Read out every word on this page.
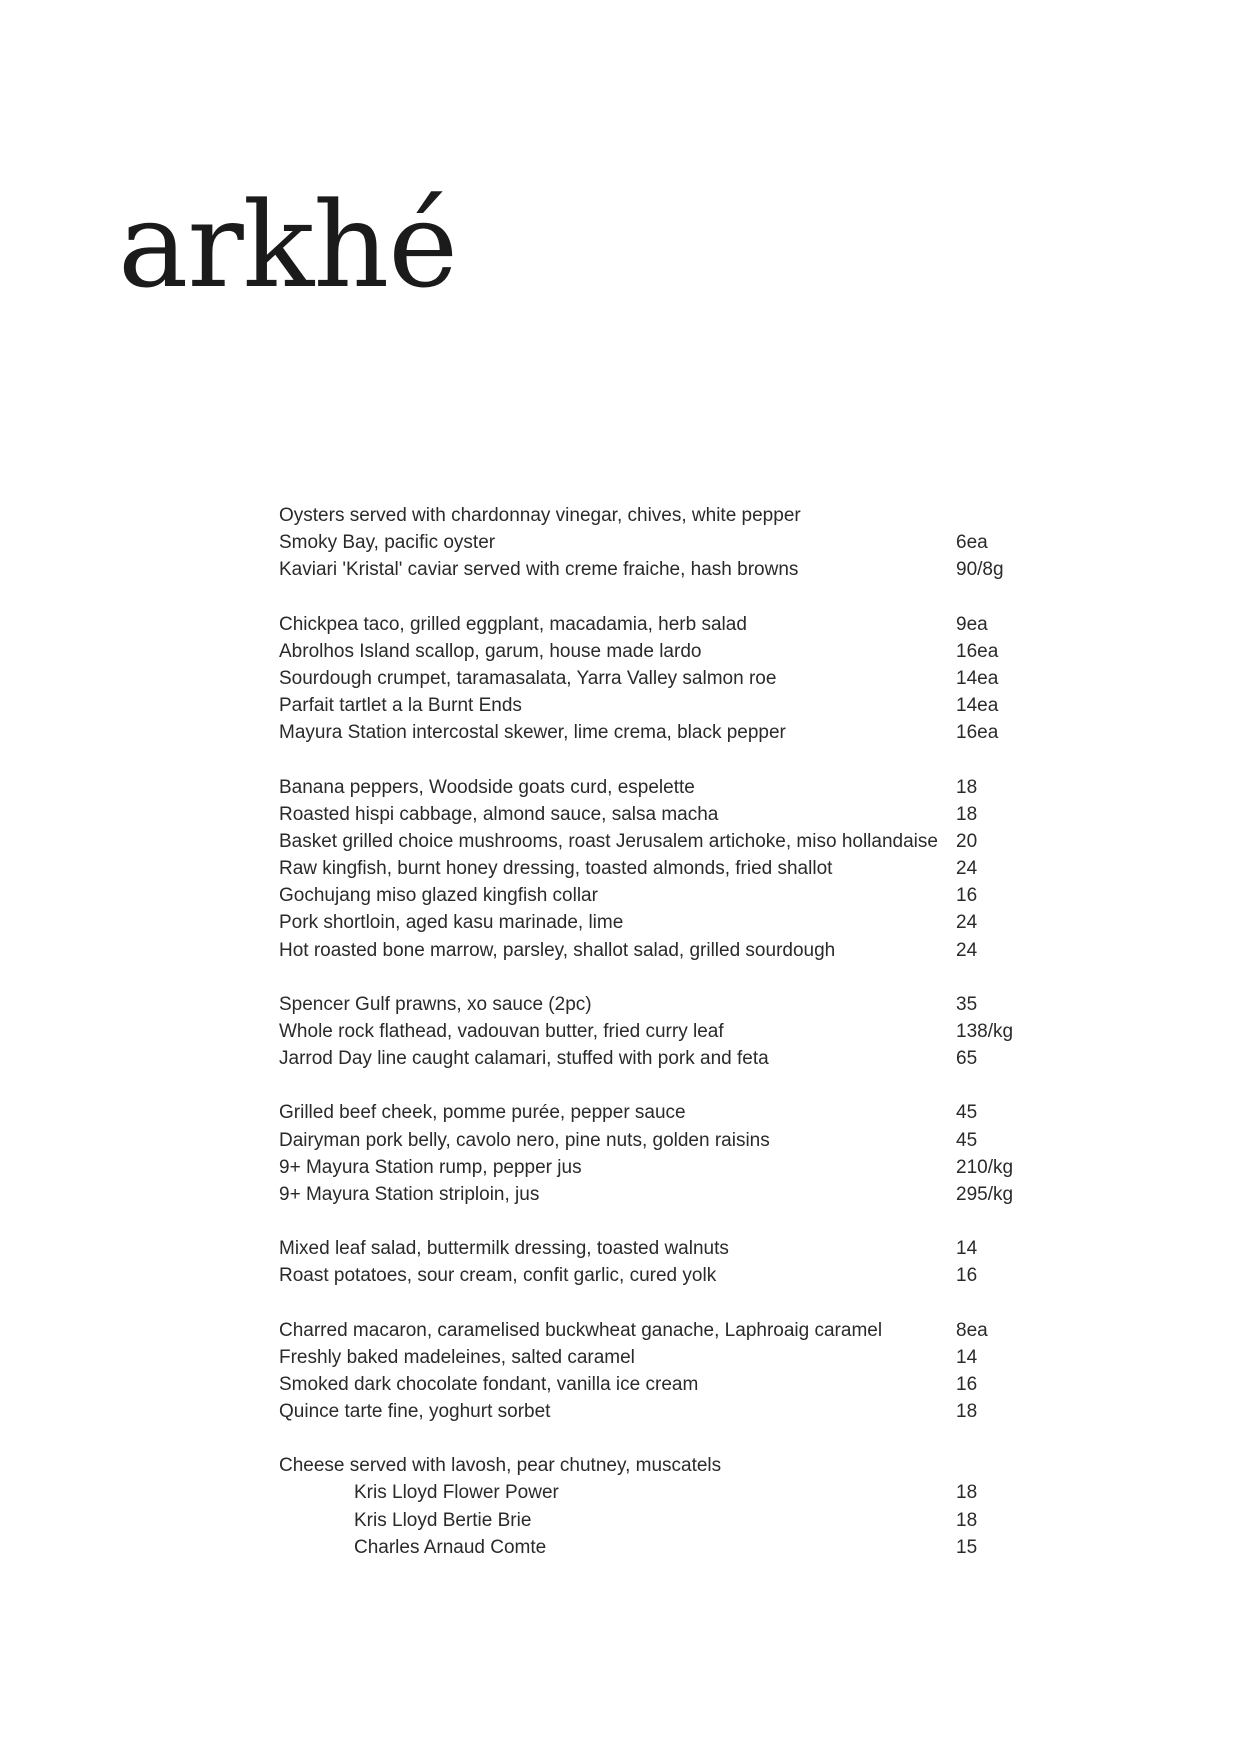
arkhé
Oysters served with chardonnay vinegar, chives, white pepper
Smoky Bay, pacific oyster	6ea
Kaviari 'Kristal' caviar served with creme fraiche, hash browns	90/8g
Chickpea taco, grilled eggplant, macadamia, herb salad	9ea
Abrolhos Island scallop, garum, house made lardo	16ea
Sourdough crumpet, taramasalata, Yarra Valley salmon roe	14ea
Parfait tartlet a la Burnt Ends	14ea
Mayura Station intercostal skewer, lime crema, black pepper	16ea
Banana peppers, Woodside goats curd, espelette	18
Roasted hispi cabbage, almond sauce, salsa macha	18
Basket grilled choice mushrooms, roast Jerusalem artichoke, miso hollandaise 20
Raw kingfish, burnt honey dressing, toasted almonds, fried shallot	24
Gochujang miso glazed kingfish collar	16
Pork shortloin, aged kasu marinade, lime	24
Hot roasted bone marrow, parsley, shallot salad, grilled sourdough	24
Spencer Gulf prawns, xo sauce (2pc)	35
Whole rock flathead, vadouvan butter, fried curry leaf	138/kg
Jarrod Day line caught calamari, stuffed with pork and feta	65
Grilled beef cheek, pomme purée, pepper sauce	45
Dairyman pork belly, cavolo nero, pine nuts, golden raisins	45
9+ Mayura Station rump, pepper jus	210/kg
9+ Mayura Station striploin, jus	295/kg
Mixed leaf salad, buttermilk dressing, toasted walnuts	14
Roast potatoes, sour cream, confit garlic, cured yolk	16
Charred macaron, caramelised buckwheat ganache, Laphroaig caramel	8ea
Freshly baked madeleines, salted caramel	14
Smoked dark chocolate fondant, vanilla ice cream	16
Quince tarte fine, yoghurt sorbet	18
Cheese served with lavosh, pear chutney, muscatels
Kris Lloyd Flower Power	18
Kris Lloyd Bertie Brie	18
Charles Arnaud Comte	15
